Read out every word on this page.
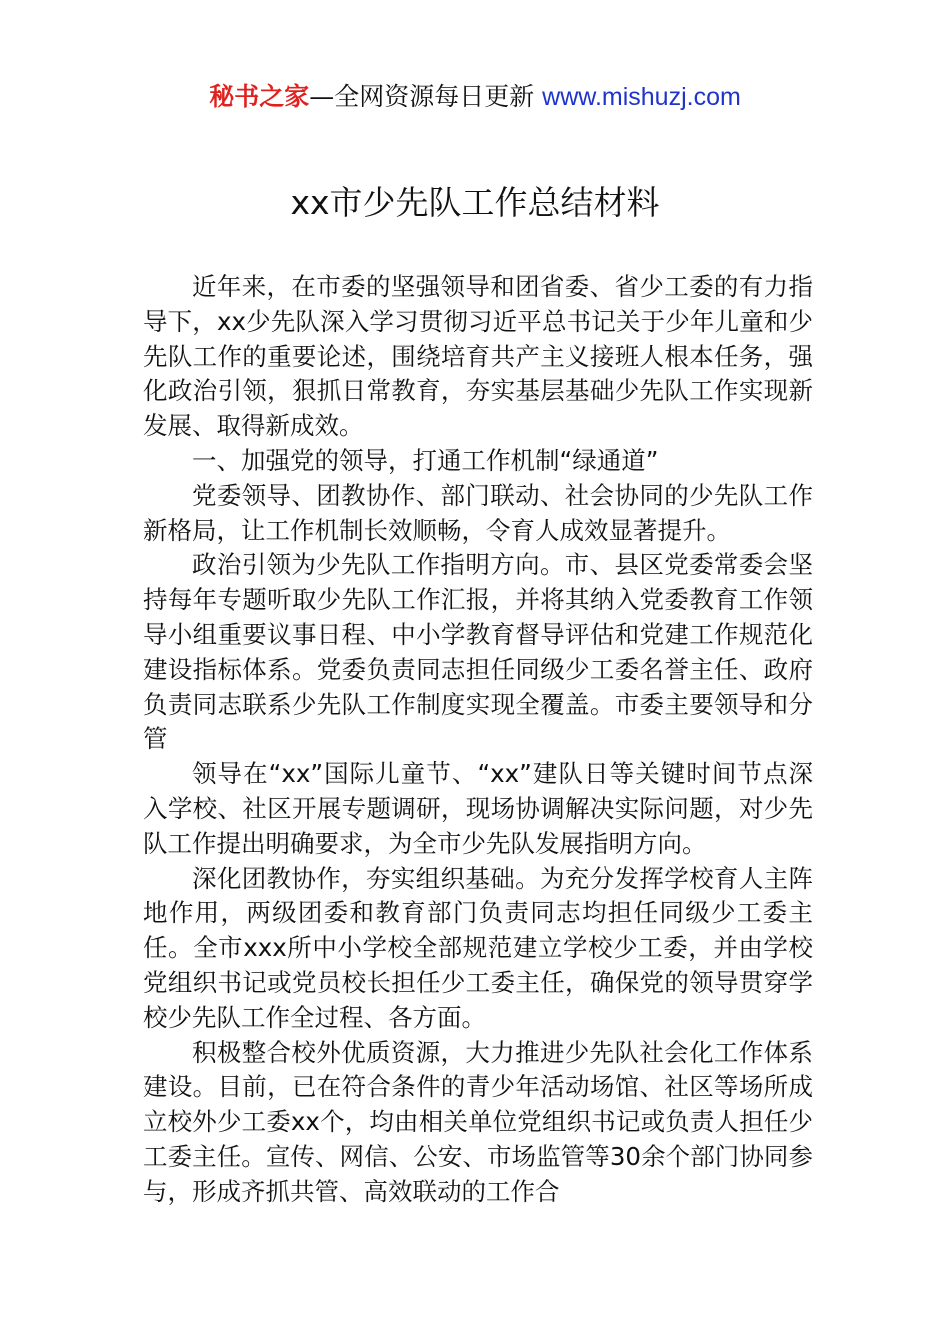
秘书之家—全网资源每日更新 www.mishuzj.com
xx市少先队工作总结材料

近年来，在市委的坚强领导和团省委、省少工委的有力指导下，xx少先队深入学习贯彻习近平总书记关于少年儿童和少先队工作的重要论述，围绕培育共产主义接班人根本任务，强化政治引领，狠抓日常教育，夯实基层基础少先队工作实现新发展、取得新成效。

一、加强党的领导，打通工作机制“绿通道”

党委领导、团教协作、部门联动、社会协同的少先队工作新格局，让工作机制长效顺畅，令育人成效显著提升。

政治引领为少先队工作指明方向。市、县区党委常委会坚持每年专题听取少先队工作汇报，并将其纳入党委教育工作领导小组重要议事日程、中小学教育督导评估和党建工作规范化建设指标体系。党委负责同志担任同级少工委名誉主任、政府负责同志联系少先队工作制度实现全覆盖。市委主要领导和分管

领导在“xx”国际儿童节、“xx”建队日等关键时间节点深入学校、社区开展专题调研，现场协调解决实际问题，对少先队工作提出明确要求，为全市少先队发展指明方向。

深化团教协作，夯实组织基础。为充分发挥学校育人主阵地作用，两级团委和教育部门负责同志均担任同级少工委主任。全市xxx所中小学校全部规范建立学校少工委，并由学校党组织书记或党员校长担任少工委主任，确保党的领导贯穿学校少先队工作全过程、各方面。

积极整合校外优质资源，大力推进少先队社会化工作体系建设。目前，已在符合条件的青少年活动场馆、社区等场所成立校外少工委xx个，均由相关单位党组织书记或负责人担任少工委主任。宣传、网信、公安、市场监管等30余个部门协同参与，形成齐抓共管、高效联动的工作合
